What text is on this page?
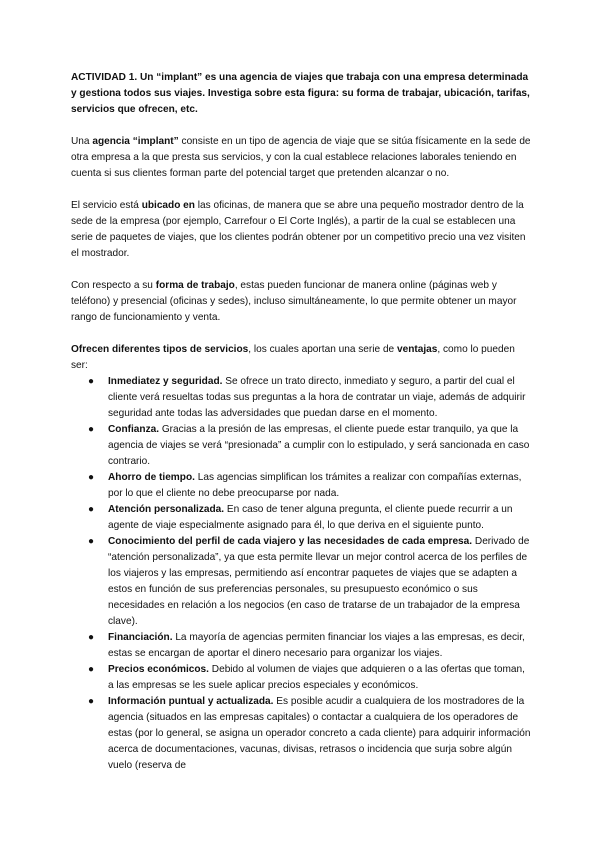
ACTIVIDAD 1. Un “implant” es una agencia de viajes que trabaja con una empresa determinada y gestiona todos sus viajes. Investiga sobre esta figura: su forma de trabajar, ubicación, tarifas, servicios que ofrecen, etc.

Una agencia “implant” consiste en un tipo de agencia de viaje que se sitúa físicamente en la sede de otra empresa a la que presta sus servicios, y con la cual establece relaciones laborales teniendo en cuenta si sus clientes forman parte del potencial target que pretenden alcanzar o no.

El servicio está ubicado en las oficinas, de manera que se abre una pequeño mostrador dentro de la sede de la empresa (por ejemplo, Carrefour o El Corte Inglés), a partir de la cual se establecen una serie de paquetes de viajes, que los clientes podrán obtener por un competitivo precio una vez visiten el mostrador.

Con respecto a su forma de trabajo, estas pueden funcionar de manera online (páginas web y teléfono) y presencial (oficinas y sedes), incluso simultáneamente, lo que permite obtener un mayor rango de funcionamiento y venta.

Ofrecen diferentes tipos de servicios, los cuales aportan una serie de ventajas, como lo pueden ser:

● Inmediatez y seguridad. Se ofrece un trato directo, inmediato y seguro, a partir del cual el cliente verá resueltas todas sus preguntas a la hora de contratar un viaje, además de adquirir seguridad ante todas las adversidades que puedan darse en el momento.
● Confianza. Gracias a la presión de las empresas, el cliente puede estar tranquilo, ya que la agencia de viajes se verá “presionada” a cumplir con lo estipulado, y será sancionada en caso contrario.
● Ahorro de tiempo. Las agencias simplifican los trámites a realizar con compañías externas, por lo que el cliente no debe preocuparse por nada.
● Atención personalizada. En caso de tener alguna pregunta, el cliente puede recurrir a un agente de viaje especialmente asignado para él, lo que deriva en el siguiente punto.
● Conocimiento del perfil de cada viajero y las necesidades de cada empresa. Derivado de “atención personalizada”, ya que esta permite llevar un mejor control acerca de los perfiles de los viajeros y las empresas, permitiendo así encontrar paquetes de viajes que se adapten a estos en función de sus preferencias personales, su presupuesto económico o sus necesidades en relación a los negocios (en caso de tratarse de un trabajador de la empresa clave).
● Financiación. La mayoría de agencias permiten financiar los viajes a las empresas, es decir, estas se encargan de aportar el dinero necesario para organizar los viajes.
● Precios económicos. Debido al volumen de viajes que adquieren o a las ofertas que toman, a las empresas se les suele aplicar precios especiales y económicos.
● Información puntual y actualizada. Es posible acudir a cualquiera de los mostradores de la agencia (situados en las empresas capitales) o contactar a cualquiera de los operadores de estas (por lo general, se asigna un operador concreto a cada cliente) para adquirir información acerca de documentaciones, vacunas, divisas, retrasos o incidencia que surja sobre algún vuelo (reserva de
